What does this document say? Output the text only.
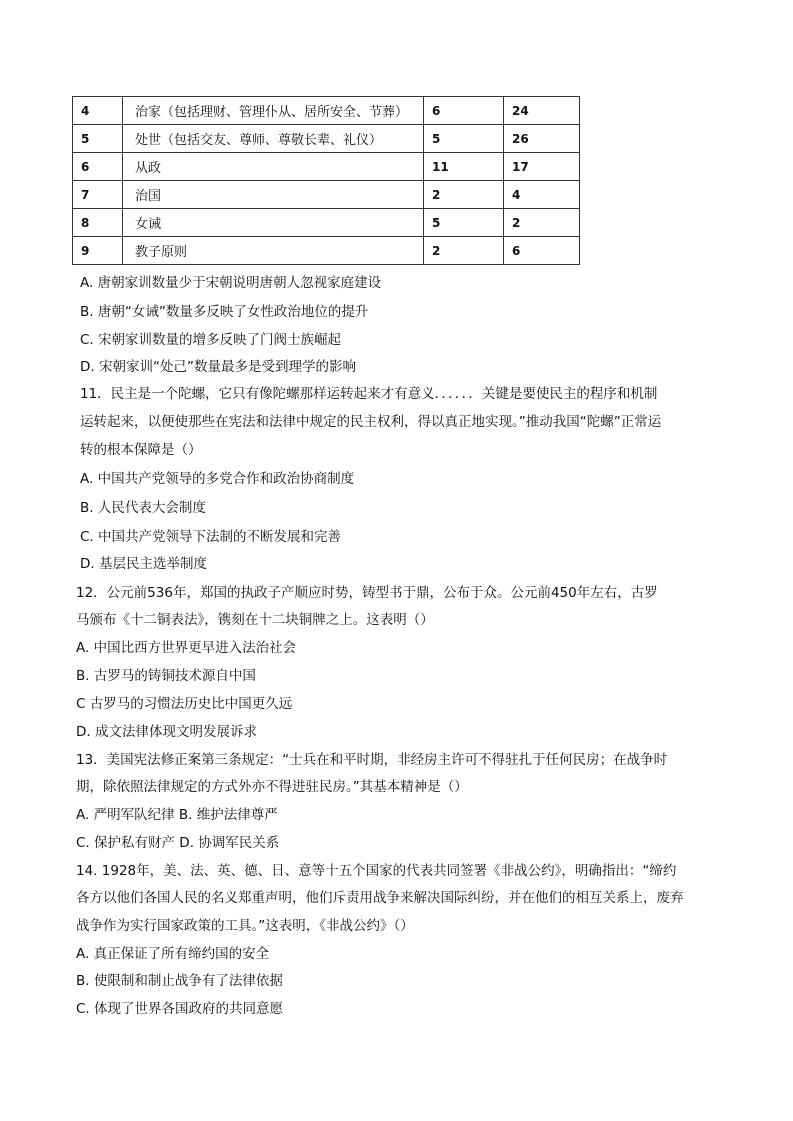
4	治家（包括理财、管理仆从、居所安全、节葬）	6	24
5	处世（包括交友、尊师、尊敬长辈、礼仪）	5	26
6	从政	11	17
7	治国	2	4
8	女诫	5	2
9	教子原则	2	6
A. 唐朝家训数量少于宋朝说明唐朝人忽视家庭建设
B. 唐朝“女诫”数量多反映了女性政治地位的提升
C. 宋朝家训数量的增多反映了门阀士族崛起
D. 宋朝家训“处己”数量最多是受到理学的影响
11．民主是一个陀螺，它只有像陀螺那样运转起来才有意义．．．．．．关键是要使民主的程序和机制
运转起来，以便使那些在宪法和法律中规定的民主权利，得以真正地实现。”推动我国“陀螺”正常运
转的根本保障是（）
A. 中国共产党领导的多党合作和政治协商制度
B. 人民代表大会制度
C. 中国共产党领导下法制的不断发展和完善
D. 基层民主选举制度
12．公元前536年，郑国的执政子产顺应时势，铸型书于鼎，公布于众。公元前450年左右，古罗
马颁布《十二铜表法》，镌刻在十二块铜牌之上。这表明（）
A. 中国比西方世界更早进入法治社会
B. 古罗马的铸铜技术源自中国
C 古罗马的习惯法历史比中国更久远
D. 成文法律体现文明发展诉求
13．美国宪法修正案第三条规定：“士兵在和平时期，非经房主许可不得驻扎于任何民房；在战争时
期，除依照法律规定的方式外亦不得进驻民房。”其基本精神是（）
A. 严明军队纪律 B. 维护法律尊严
C. 保护私有财产 D. 协调军民关系
14. 1928年，美、法、英、德、日、意等十五个国家的代表共同签署《非战公约》，明确指出：“缔约
各方以他们各国人民的名义郑重声明，他们斥责用战争来解决国际纠纷，并在他们的相互关系上，废弃
战争作为实行国家政策的工具。”这表明，《非战公约》（）
A. 真正保证了所有缔约国的安全
B. 使限制和制止战争有了法律依据
C. 体现了世界各国政府的共同意愿
